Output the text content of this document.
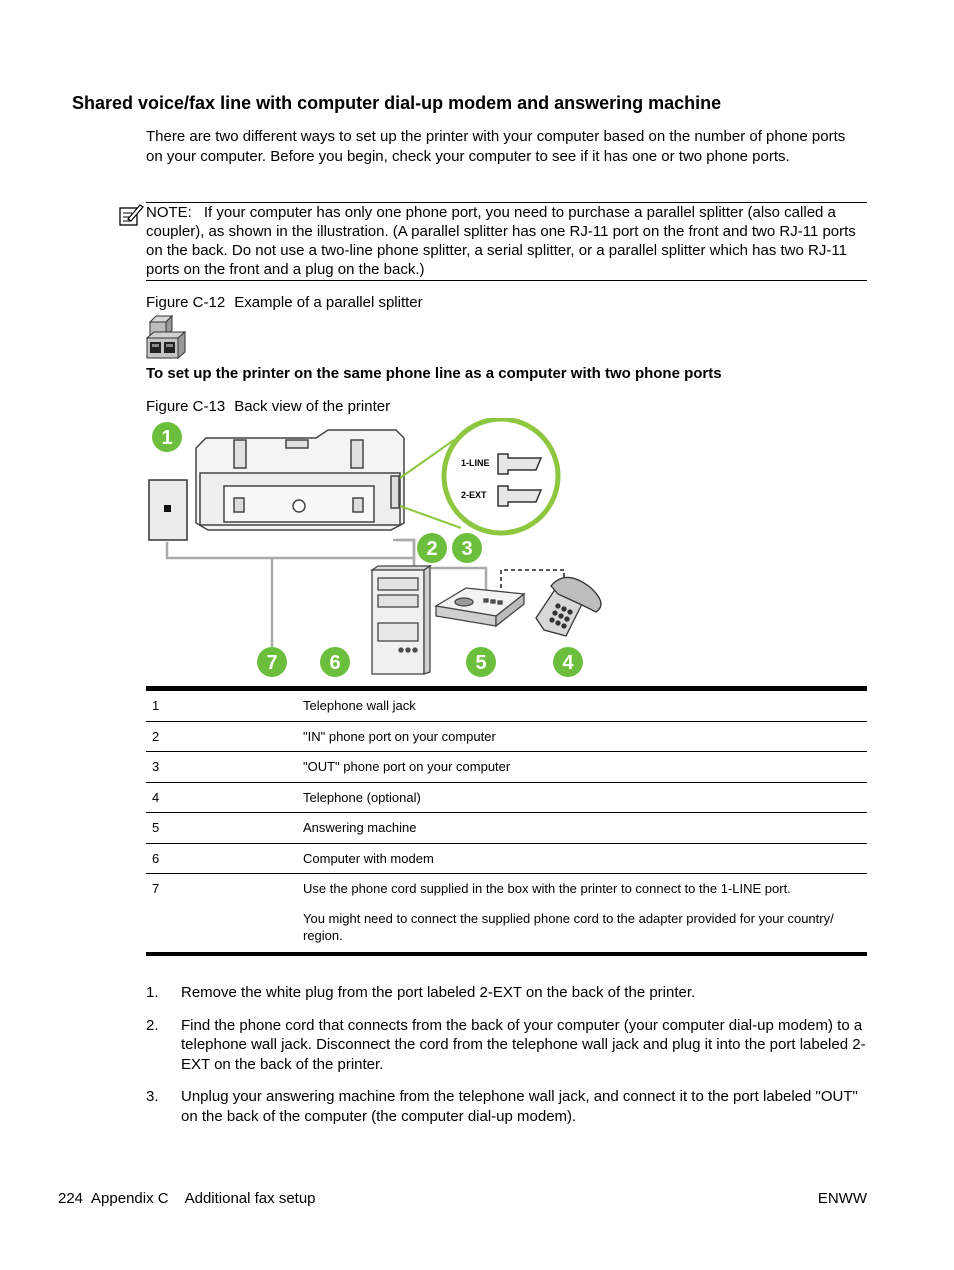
Shared voice/fax line with computer dial-up modem and answering machine
There are two different ways to set up the printer with your computer based on the number of phone ports on your computer. Before you begin, check your computer to see if it has one or two phone ports.
NOTE: If your computer has only one phone port, you need to purchase a parallel splitter (also called a coupler), as shown in the illustration. (A parallel splitter has one RJ-11 port on the front and two RJ-11 ports on the back. Do not use a two-line phone splitter, a serial splitter, or a parallel splitter which has two RJ-11 ports on the front and a plug on the back.)
Figure C-12 Example of a parallel splitter
To set up the printer on the same phone line as a computer with two phone ports
Figure C-13 Back view of the printer
1-LINE
2-EXT
1
2 3
4
5
6
7
1	Telephone wall jack
2	"IN" phone port on your computer
3	"OUT" phone port on your computer
4	Telephone (optional)
5	Answering machine
6	Computer with modem
7	Use the phone cord supplied in the box with the printer to connect to the 1-LINE port.
You might need to connect the supplied phone cord to the adapter provided for your country/ region.
1. Remove the white plug from the port labeled 2-EXT on the back of the printer.
2. Find the phone cord that connects from the back of your computer (your computer dial-up modem) to a telephone wall jack. Disconnect the cord from the telephone wall jack and plug it into the port labeled 2-EXT on the back of the printer.
3. Unplug your answering machine from the telephone wall jack, and connect it to the port labeled "OUT" on the back of the computer (the computer dial-up modem).
224 Appendix C Additional fax setup	ENWW
